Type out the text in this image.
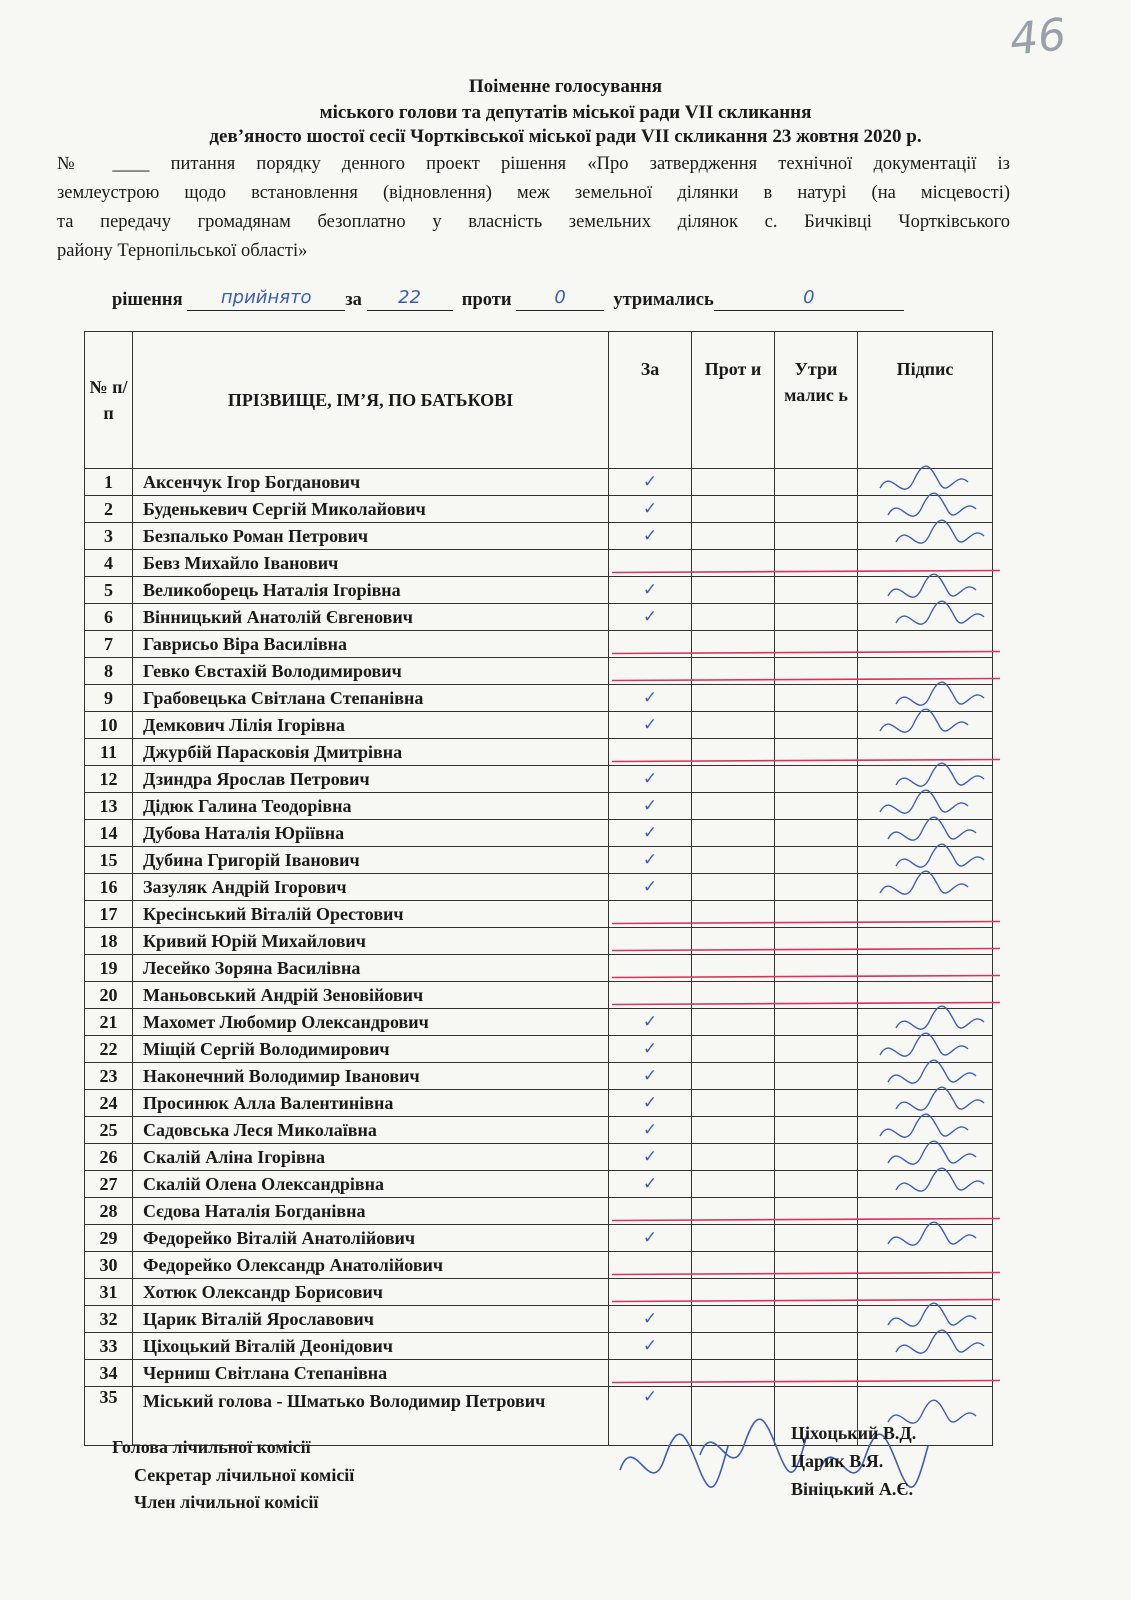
46
Поіменне голосування
міського голови та депутатів міської ради VII скликання
дев’яносто шостої сесії Чортківської міської ради VII скликання 23 жовтня 2020 р.
№ ____ питання порядку денного проект рішення «Про затвердження технічної документації із
землеустрою щодо встановлення (відновлення) меж земельної ділянки в натурі (на місцевості)
та передачу громадянам безоплатно у власність земельних ділянок с. Бичківці Чортківського
району Тернопільської області»
рішення	прийнято	за	22	проти	0	утримались	0
№ п/п	ПРІЗВИЩЕ, ІМ’Я, ПО БАТЬКОВІ	За	Прот и	Утри малис ь	Підпис
1	Аксенчук Ігор Богданович	✓			
2	Буденькевич Сергій Миколайович	✓			
3	Безпалько Роман Петрович	✓			
4	Бевз Михайло Іванович				
5	Великоборець Наталія Ігорівна	✓			
6	Вінницький Анатолій Євгенович	✓			
7	Гаврисьо Віра Василівна				
8	Гевко Євстахій Володимирович				
9	Грабовецька Світлана Степанівна	✓			
10	Демкович Лілія Ігорівна	✓			
11	Джурбій Парасковія Дмитрівна				
12	Дзиндра Ярослав Петрович	✓			
13	Дідюк Галина Теодорівна	✓			
14	Дубова Наталія Юріївна	✓			
15	Дубина Григорій Іванович	✓			
16	Зазуляк Андрій Ігорович	✓			
17	Кресінський Віталій Орестович				
18	Кривий Юрій Михайлович				
19	Лесейко Зоряна Василівна				
20	Маньовський Андрій Зеновійович				
21	Махомет Любомир Олександрович	✓			
22	Міщій Сергій Володимирович	✓			
23	Наконечний Володимир Іванович	✓			
24	Просинюк Алла Валентинівна	✓			
25	Садовська Леся Миколаївна	✓			
26	Скалій Аліна Ігорівна	✓			
27	Скалій Олена Олександрівна	✓			
28	Сєдова Наталія Богданівна				
29	Федорейко Віталій Анатолійович	✓			
30	Федорейко Олександр Анатолійович				
31	Хотюк Олександр Борисович				
32	Царик Віталій Ярославович	✓			
33	Ціхоцький Віталій Деонідович	✓			
34	Черниш Світлана Степанівна				
35	Міський голова - Шматько Володимир Петрович	✓			
Голова лічильної комісії
Секретар лічильної комісії
Член лічильної комісії
Ціхоцький В.Д.
Царик В.Я.
Вініцький А.Є.
